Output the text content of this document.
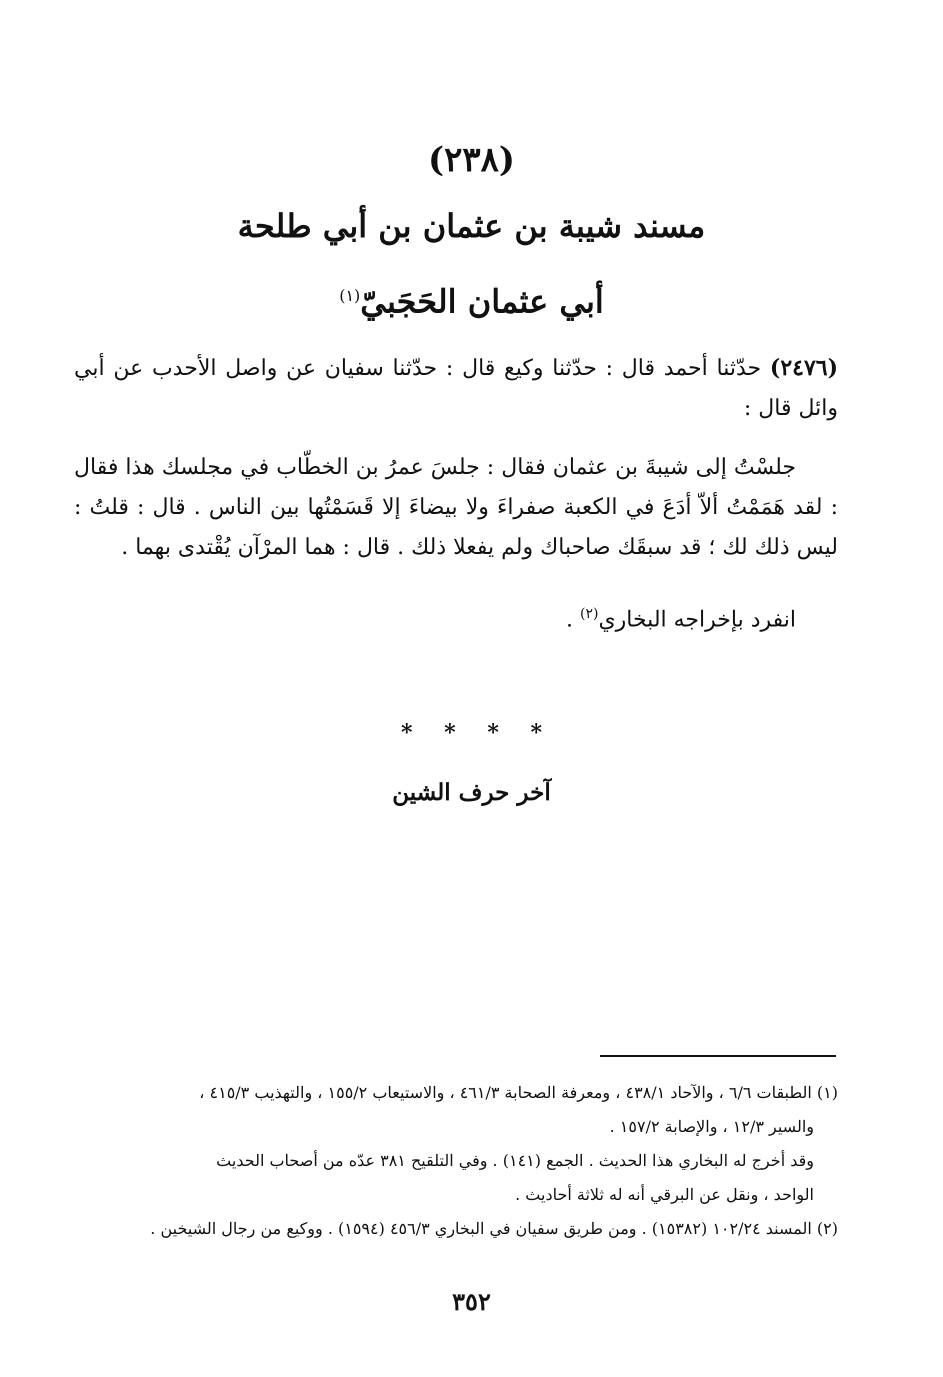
(٢٣٨)
مسند شيبة بن عثمان بن أبي طلحة
أبي عثمان الحَجَبيّ$^{(١)}$
(٢٤٧٦) حدّثنا أحمد قال : حدّثنا وكيع قال : حدّثنا سفيان عن واصل الأحدب عن أبي وائل قال :
جلسْتُ إلى شيبةَ بن عثمان فقال : جلسَ عمرُ بن الخطّاب في مجلسك هذا فقال : لقد هَمَمْتُ ألاّ أدَعَ في الكعبة صفراءَ ولا بيضاءَ إلا قَسَمْتُها بين الناس . قال : قلتُ : ليس ذلك لك ؛ قد سبقَك صاحباك ولم يفعلا ذلك . قال : هما المرْآن يُقْتدى بهما .
انفرد بإخراجه البخاري$^{(٢)}$ .
* * * *
آخر حرف الشين
(١) الطبقات ٦/٦ ، والآحاد ٤٣٨/١ ، ومعرفة الصحابة ٤٦١/٣ ، والاستيعاب ١٥٥/٢ ، والتهذيب ٤١٥/٣ ،
والسير ١٢/٣ ، والإصابة ١٥٧/٢ .
وقد أخرج له البخاري هذا الحديث . الجمع (١٤١) . وفي التلقيح ٣٨١ عدّه من أصحاب الحديث
الواحد ، ونقل عن البرقي أنه له ثلاثة أحاديث .
(٢) المسند ١٠٢/٢٤ (١٥٣٨٢) . ومن طريق سفيان في البخاري ٤٥٦/٣ (١٥٩٤) . ووكيع من رجال الشيخين .
٣٥٢
